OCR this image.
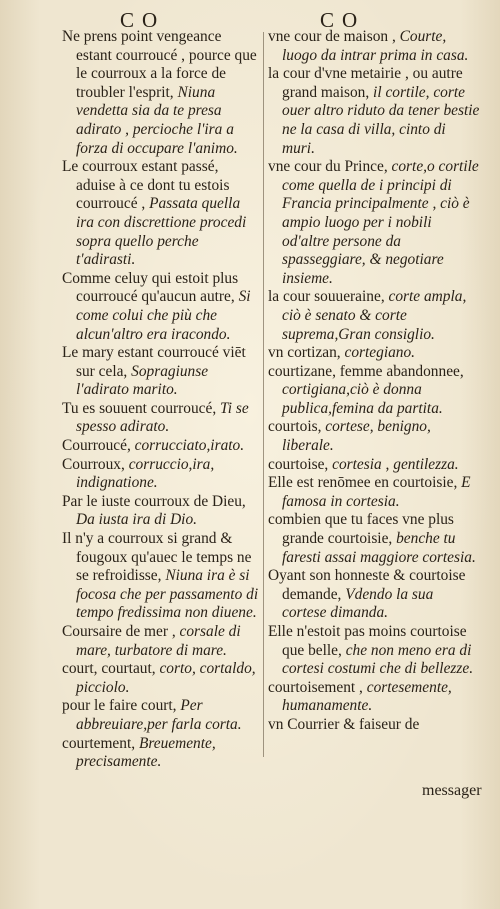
CO	CO
Ne prens point vengeance estant courroucé , pource que le courroux a la force de troubler l'esprit, Niuna vendetta sia da te presa adirato , percioche l'ira a forza di occupare l'animo.
Le courroux estant passé, aduise à ce dont tu estois courroucé , Passata quella ira con discrettione procedi sopra quello perche t'adirasti.
Comme celuy qui estoit plus courroucé qu'aucun autre, Si come colui che più che alcun'altro era iracondo.
Le mary estant courroucé viēt sur cela, Sopragiunse l'adirato marito.
Tu es souuent courroucé, Ti se spesso adirato.
Courroucé, corrucciato,irato.
Courroux, corruccio,ira, indignatione.
Par le iuste courroux de Dieu, Da iusta ira di Dio.
Il n'y a courroux si grand & fougoux qu'auec le temps ne se refroidisse, Niuna ira è si focosa che per passamento di tempo fredissima non diuene.
Coursaire de mer , corsale di mare, turbatore di mare.
court, courtaut, corto, cortaldo, picciolo.
pour le faire court, Per abbreuiare,per farla corta.
courtement, Breuemente, precisamente.
vne cour de maison , Courte, luogo da intrar prima in casa.
la cour d'vne metairie , ou autre grand maison, il cortile, corte ouer altro riduto da tener bestie ne la casa di villa, cinto di muri.
vne cour du Prince, corte,o cortile come quella de i principi di Francia principalmente , ciò è ampio luogo per i nobili od'altre persone da spasseggiare, & negotiare insieme.
la cour souueraine, corte ampla, ciò è senato & corte suprema,Gran consiglio.
vn cortizan, cortegiano.
courtizane, femme abandonnee, cortigiana,ciò è donna publica,femina da partita.
courtois, cortese, benigno, liberale.
courtoise, cortesia , gentilezza.
Elle est renōmee en courtoisie, E famosa in cortesia.
combien que tu faces vne plus grande courtoisie, benche tu faresti assai maggiore cortesia.
Oyant son honneste & courtoise demande, Vdendo la sua cortese dimanda.
Elle n'estoit pas moins courtoise que belle, che non meno era di cortesi costumi che di bellezze.
courtoisement , cortesemente, humanamente.
vn Courrier & faiseur de
messager
